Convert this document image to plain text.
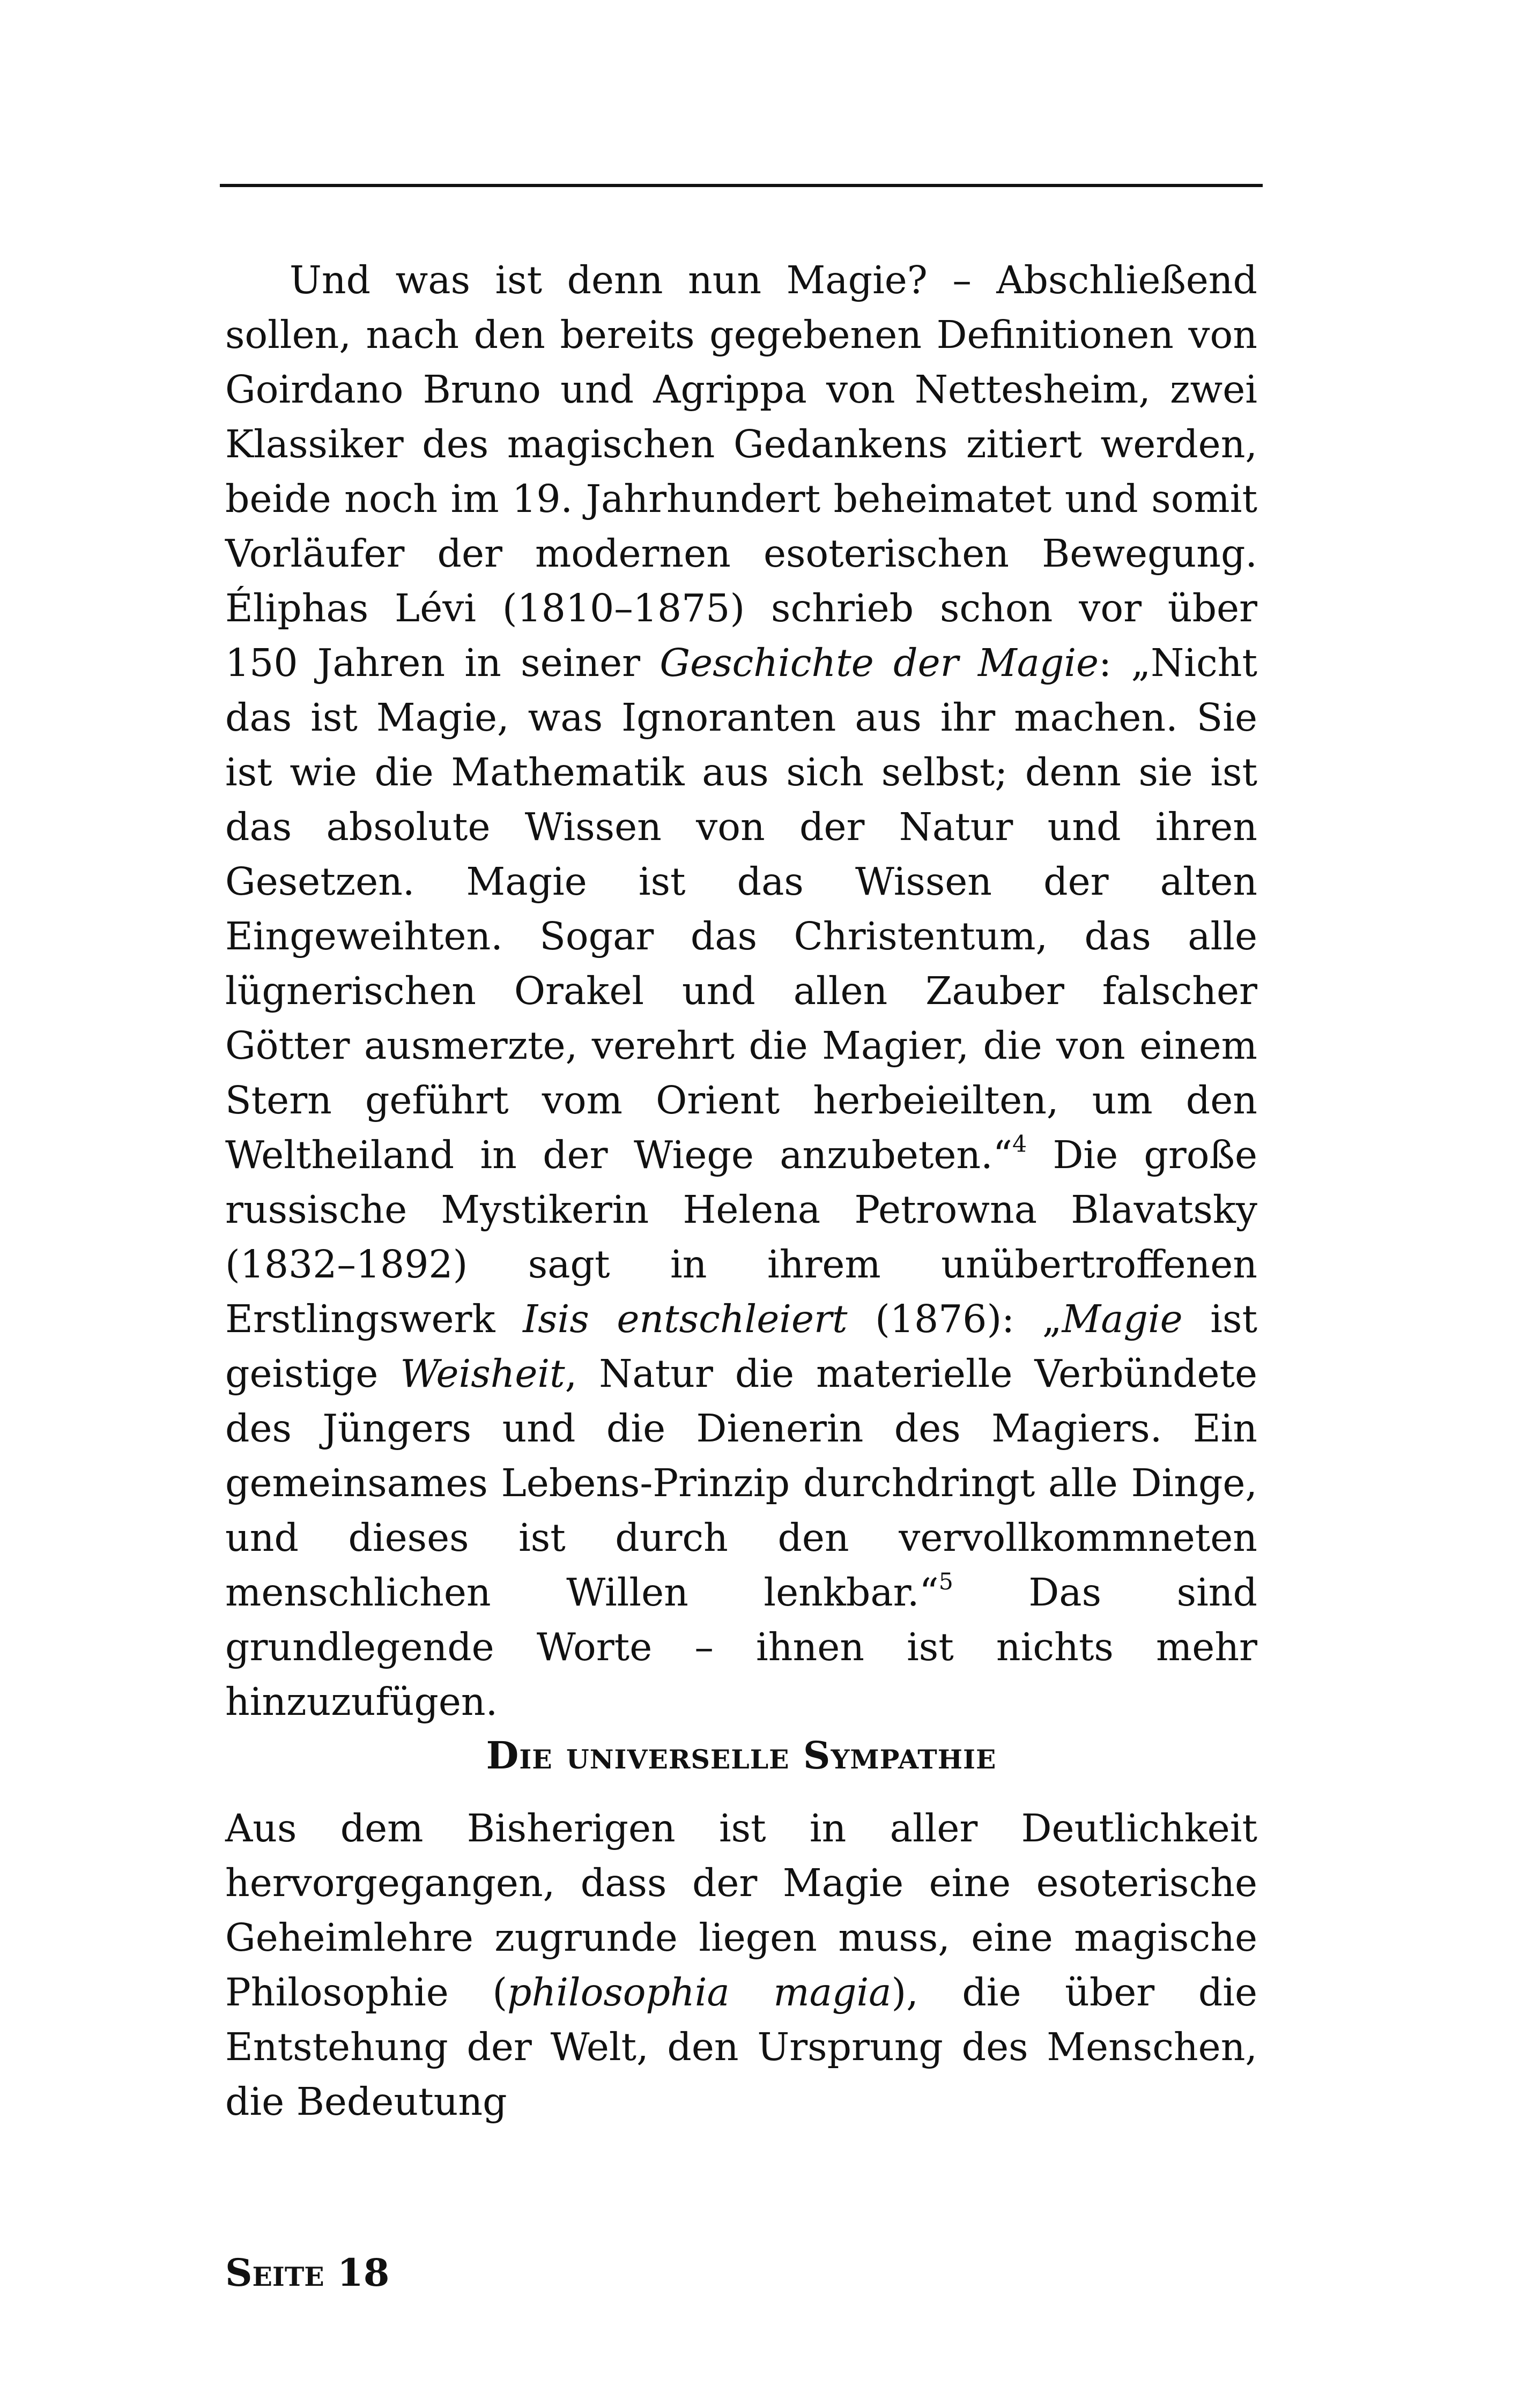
Und was ist denn nun Magie? – Abschließend sollen, nach den bereits gegebenen Definitionen von Goirdano Bruno und Agrippa von Nettesheim, zwei Klassiker des magischen Gedankens zitiert werden, beide noch im 19. Jahrhundert beheimatet und somit Vorläufer der modernen esoterischen Bewegung. Éliphas Lévi (1810–1875) schrieb schon vor über 150 Jahren in seiner Geschichte der Magie: „Nicht das ist Magie, was Ignoranten aus ihr machen. Sie ist wie die Mathematik aus sich selbst; denn sie ist das absolute Wissen von der Natur und ihren Gesetzen. Magie ist das Wissen der alten Eingeweihten. Sogar das Christentum, das alle lügnerischen Orakel und allen Zauber falscher Götter ausmerzte, verehrt die Magier, die von einem Stern geführt vom Orient herbeieilten, um den Weltheiland in der Wiege anzubeten.“$^4$ Die große russische Mystikerin Helena Petrowna Blavatsky (1832–1892) sagt in ihrem unübertroffenen Erstlingswerk Isis entschleiert (1876): „Magie ist geistige Weisheit, Natur die materielle Verbündete des Jüngers und die Dienerin des Magiers. Ein gemeinsames Lebens-Prinzip durchdringt alle Dinge, und dieses ist durch den vervollkommneten menschlichen Willen lenkbar.“$^5$ Das sind grundlegende Worte – ihnen ist nichts mehr hinzuzufügen.

Die universelle Sympathie

Aus dem Bisherigen ist in aller Deutlichkeit hervorgegangen, dass der Magie eine esoterische Geheimlehre zugrunde liegen muss, eine magische Philosophie (philosophia magia), die über die Entstehung der Welt, den Ursprung des Menschen, die Bedeutung

Seite 18
